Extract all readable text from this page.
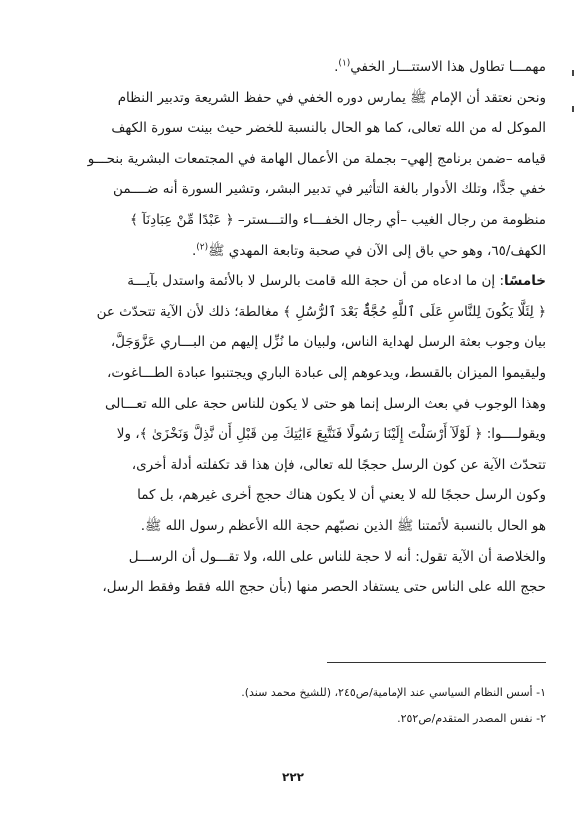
مهمـــا تطاول هذا الاستتـــار الخفي$^{(١)}$.
ونحن نعتقد أن الإمام ﷺ يمارس دوره الخفي في حفظ الشريعة وتدبير النظام
الموكل له من الله تعالى، كما هو الحال بالنسبة للخضر حيث بينت سورة الكهف
قيامه –ضمن برنامج إلهي– بجملة من الأعمال الهامة في المجتمعات البشرية بنحـــو
خفي جدًّا، وتلك الأدوار بالغة التأثير في تدبير البشر، وتشير السورة أنه ضــــمن
منظومة من رجال الغيب –أي رجال الخفـــاء والتـــستر– ﴿ عَبْدًا مِّنْ عِبَادِنَآ ﴾
الكهف/٦٥، وهو حي باق إلى الآن في صحبة وتابعة المهدي ﷺ$^{(٢)}$.
خامسًا: إن ما ادعاه من أن حجة الله قامت بالرسل لا بالأئمة واستدل بآيـــة
﴿ لِئَلَّا يَكُونَ لِلنَّاسِ عَلَى ٱللَّهِ حُجَّةٌۢ بَعْدَ ٱلرُّسُلِ ﴾ مغالطة؛ ذلك لأن الآية تتحدّث عن
بيان وجوب بعثة الرسل لهداية الناس، ولبيان ما نُزِّل إليهم من البـــاري عَزَّوَجَلَّ،
وليقيموا الميزان بالقسط، ويدعوهم إلى عبادة الباري ويجتنبوا عبادة الطـــاغوت،
وهذا الوجوب في بعث الرسل إنما هو حتى لا يكون للناس حجة على الله تعـــالى
ويقولــــوا: ﴿ لَوْلَآ أَرْسَلْتَ إِلَيْنَا رَسُولًا فَنَتَّبِعَ ءَايَٰتِكَ مِن قَبْلِ أَن نَّذِلَّ وَنَخْزَىٰ ﴾، ولا
تتحدّث الآية عن كون الرسل حججًا لله تعالى، فإن هذا قد تكفلته أدلة أخرى،
وكون الرسل حججًا لله لا يعني أن لا يكون هناك حجج أخرى غيرهم، بل كما
هو الحال بالنسبة لأئمتنا ﷺ الذين نصبّهم حجة الله الأعظم رسول الله ﷺ.
والخلاصة أن الآية تقول: أنه لا حجة للناس على الله، ولا تقـــول أن الرســـل
حجج الله على الناس حتى يستفاد الحصر منها (بأن حجج الله فقط وفقط الرسل،
١- أسس النظام السياسي عند الإمامية/ص٢٤٥، (للشيخ محمد سند).
٢- نفس المصدر المتقدم/ص٢٥٢.
٢٢٢
